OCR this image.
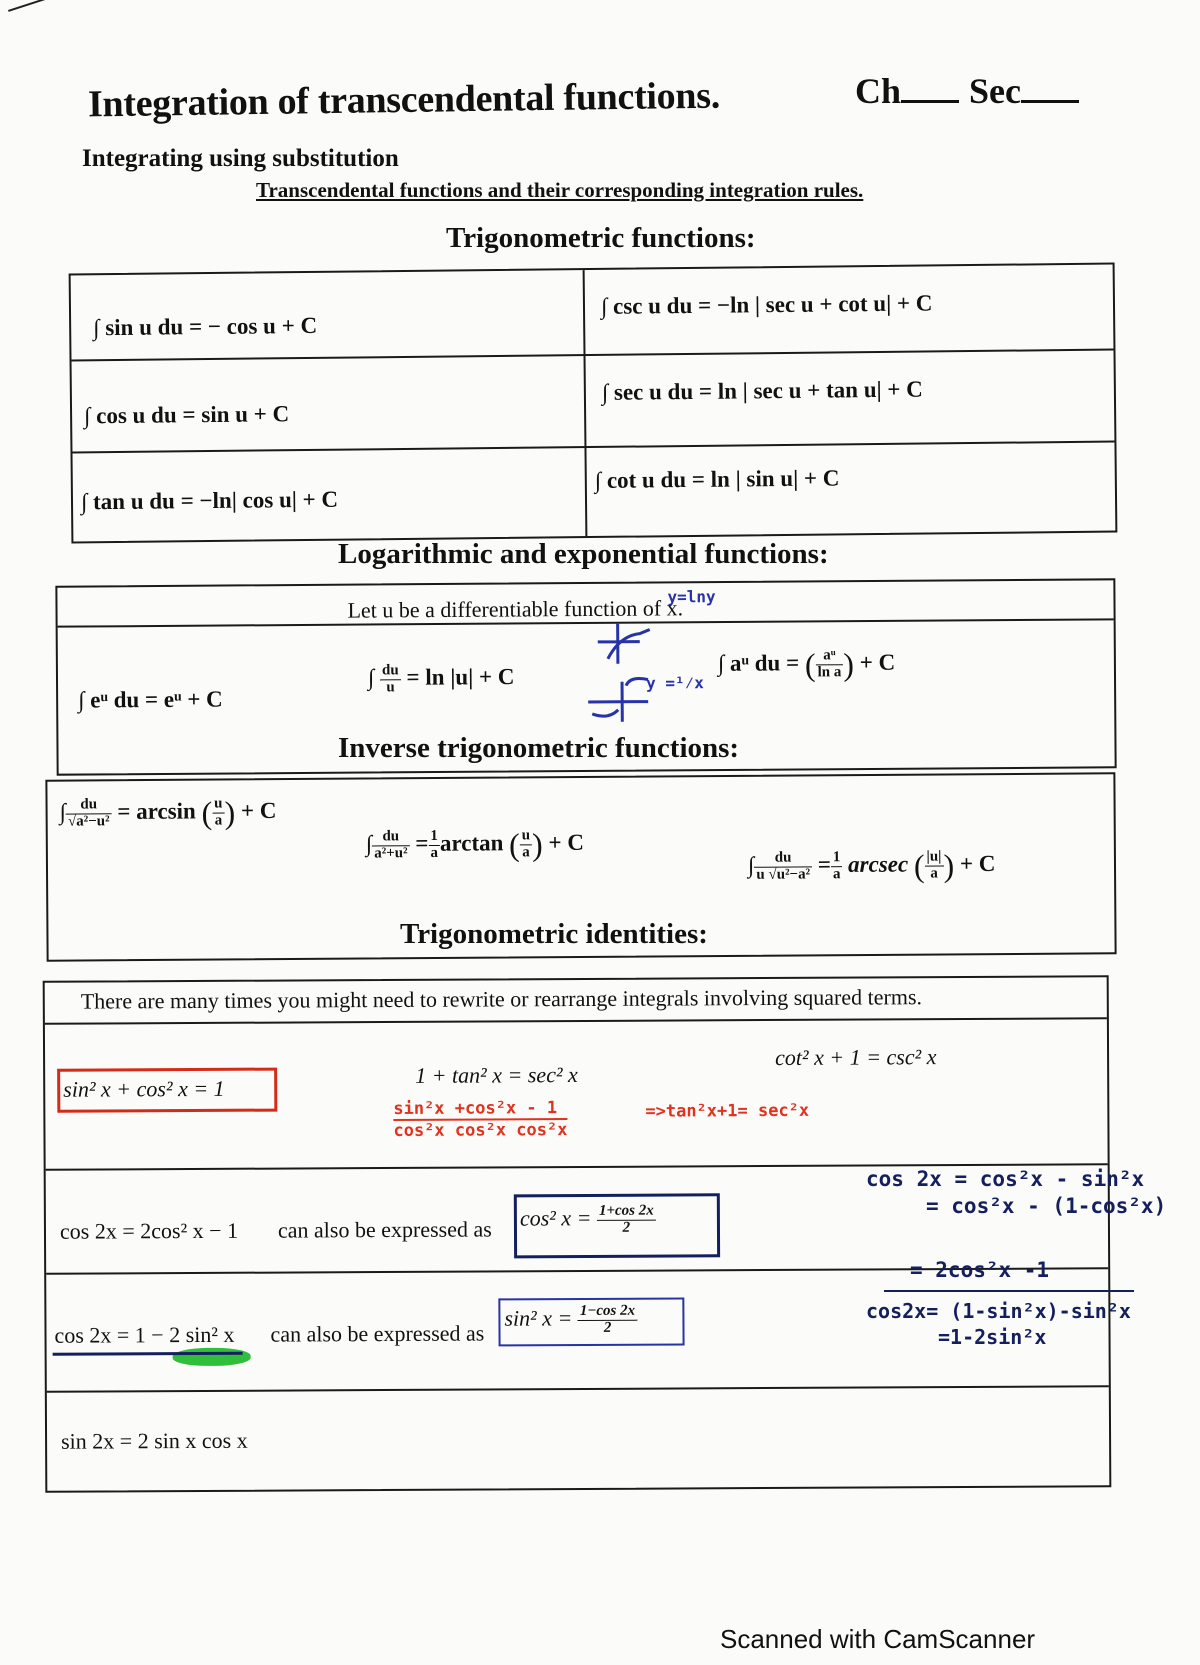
Integration of transcendental functions.	Ch Sec
Integrating using substitution
Transcendental functions and their corresponding integration rules.
Trigonometric functions:
∫ sin u du = − cos u + C
∫ csc u du = −ln | sec u + cot u| + C
∫ cos u du = sin u + C
∫ sec u du = ln | sec u + tan u| + C
∫ tan u du = −ln| cos u| + C
∫ cot u du = ln | sin u| + C
Logarithmic and exponential functions:
Let u be a differentiable function of x.
∫ eᵘ du = eᵘ + C
∫ $\frac{du}{u} = \ln |u| + C$
∫ aᵘ du = ( $\frac{\text{aᵘ}}{\text{ln a}}$ ) + C
y=lny
y =¹⁄x
Inverse trigonometric functions:
∫ $\frac{du}{\text{√a²−u²}} = \arcsin$ ( $\frac{u}{a}$ ) + C
∫ $\frac{du}{\text{a²+u²}} = \frac{1}{a}$ arctan ( $\frac{u}{a}$ ) + C
∫ $\frac{du}{\text{u √u²−a²}} = \frac{1}{a}$ arcsec ( $\frac{|u|}{a}$ ) + C
Trigonometric identities:
There are many times you might need to rewrite or rearrange integrals involving squared terms.
sin² x + cos² x = 1
1 + tan² x = sec² x
cot² x + 1 = csc² x
$\frac{\text{sin²x +cos²x - 1}}{\text{cos²x cos²x cos²x}}$	=>tan²x+1= sec²x
cos 2x = 2cos² x − 1 can also be expressed as cos² $x = \frac{1+\cos 2x}{2}$
cos 2x = 1 − 2 sin² x can also be expressed as
sin² $x = \frac{1-\cos 2x}{2}$
sin 2x = 2 sin x cos x
cos 2x = cos²x - sin²x
= cos²x - (1-cos²x)
= 2cos²x -1
cos2x= (1-sin²x)-sin²x
=1-2sin²x
Scanned with CamScanner
